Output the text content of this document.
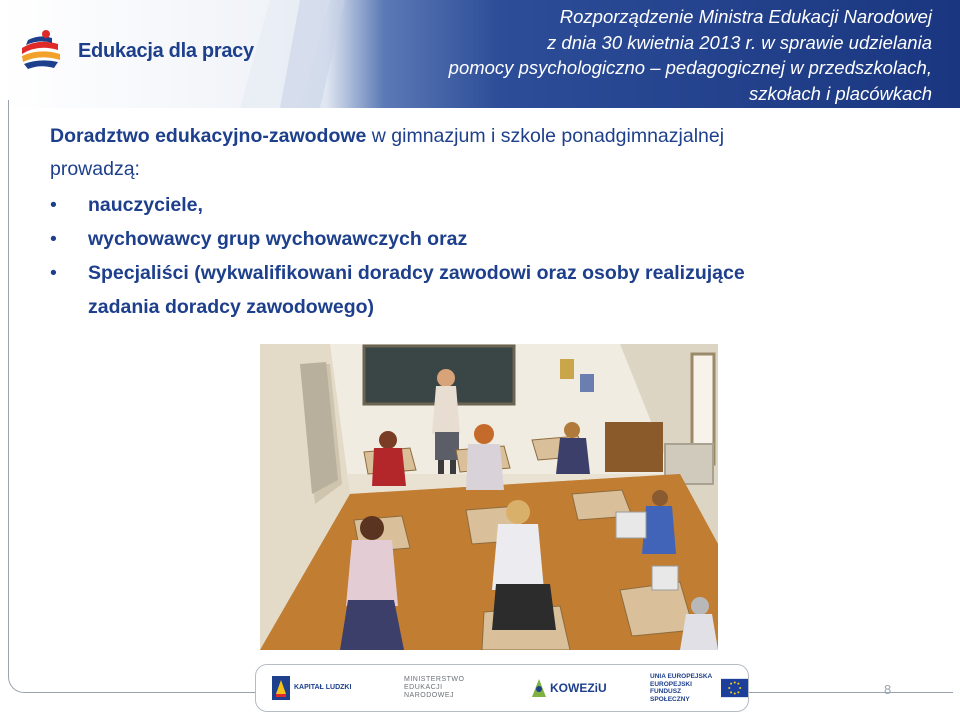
Edukacja dla pracy
Rozporządzenie Ministra Edukacji Narodowej
z dnia 30 kwietnia 2013 r. w sprawie udzielania
pomocy psychologiczno – pedagogicznej w przedszkolach,
szkołach i placówkach
Doradztwo edukacyjno-zawodowe w gimnazjum i szkole ponadgimnazjalnej
prowadzą:
• nauczyciele,
• wychowawcy grup wychowawczych oraz
• Specjaliści (wykwalifikowani doradcy zawodowi oraz osoby realizujące
zadania doradcy zawodowego)
KAPITAŁ LUDZKI
MINISTERSTWO
EDUKACJI
NARODOWEJ
KOWEZiU
UNIA EUROPEJSKA
EUROPEJSKI
FUNDUSZ SPOŁECZNY
8
